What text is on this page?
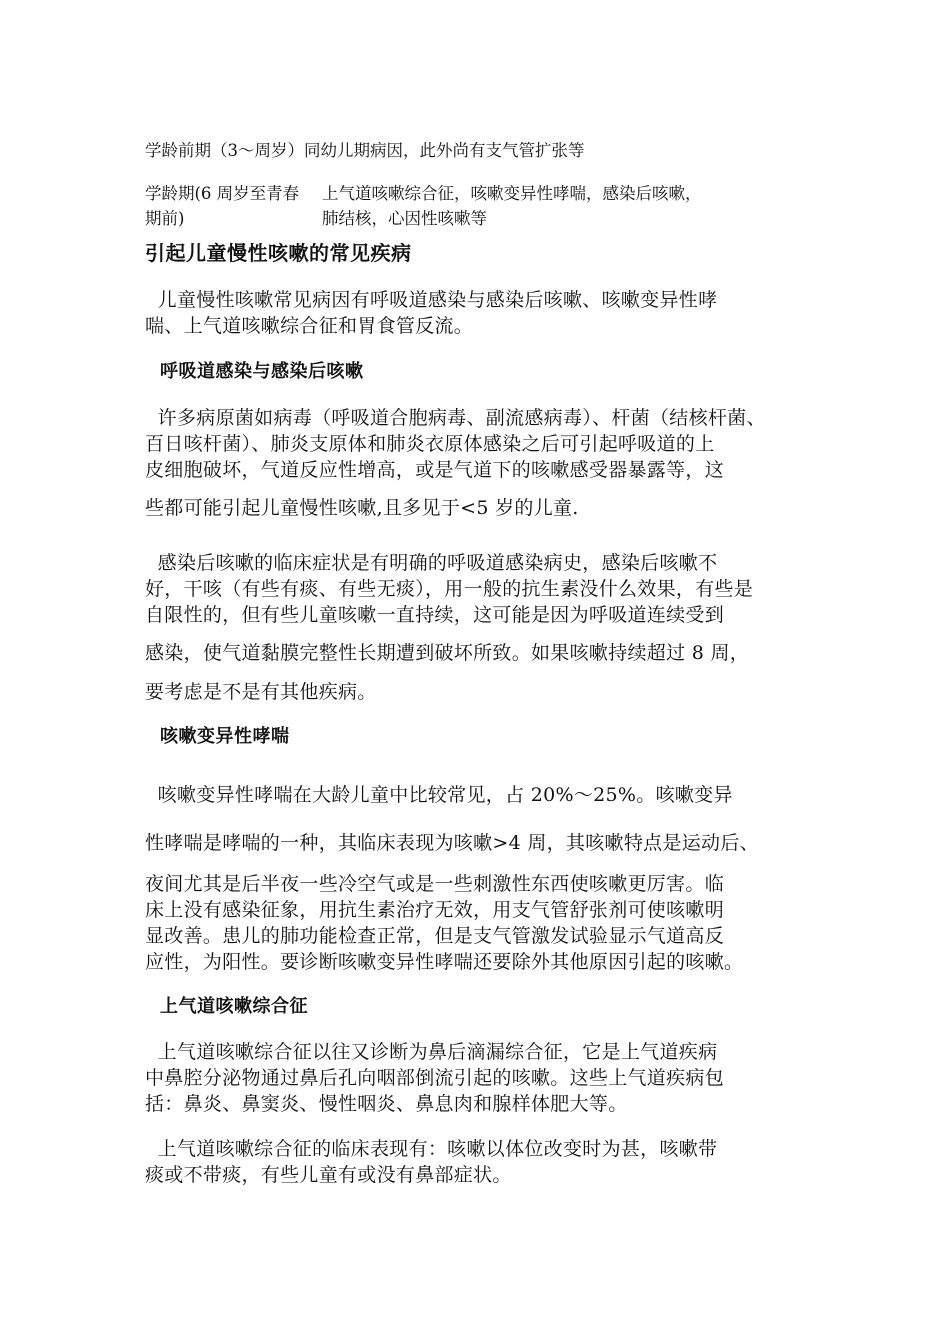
学龄前期（3～周岁）同幼儿期病因，此外尚有支气管扩张等
学龄期(6 周岁至青春 上气道咳嗽综合征，咳嗽变异性哮喘，感染后咳嗽，
期前)	肺结核，心因性咳嗽等
引起儿童慢性咳嗽的常见疾病
儿童慢性咳嗽常见病因有呼吸道感染与感染后咳嗽、咳嗽变异性哮
喘、上气道咳嗽综合征和胃食管反流。
呼吸道感染与感染后咳嗽
许多病原菌如病毒（呼吸道合胞病毒、副流感病毒）、杆菌（结核杆菌、
百日咳杆菌）、肺炎支原体和肺炎衣原体感染之后可引起呼吸道的上
皮细胞破坏，气道反应性增高，或是气道下的咳嗽感受器暴露等，这
些都可能引起儿童慢性咳嗽,且多见于<5 岁的儿童.
感染后咳嗽的临床症状是有明确的呼吸道感染病史，感染后咳嗽不
好，干咳（有些有痰、有些无痰），用一般的抗生素没什么效果，有些是
自限性的，但有些儿童咳嗽一直持续，这可能是因为呼吸道连续受到
感染，使气道黏膜完整性长期遭到破坏所致。如果咳嗽持续超过 8 周，
要考虑是不是有其他疾病。
咳嗽变异性哮喘
咳嗽变异性哮喘在大龄儿童中比较常见，占 20%～25%。咳嗽变异
性哮喘是哮喘的一种，其临床表现为咳嗽>4 周，其咳嗽特点是运动后、
夜间尤其是后半夜一些冷空气或是一些刺激性东西使咳嗽更厉害。临
床上没有感染征象，用抗生素治疗无效，用支气管舒张剂可使咳嗽明
显改善。患儿的肺功能检查正常，但是支气管激发试验显示气道高反
应性，为阳性。要诊断咳嗽变异性哮喘还要除外其他原因引起的咳嗽。
上气道咳嗽综合征
上气道咳嗽综合征以往又诊断为鼻后滴漏综合征，它是上气道疾病
中鼻腔分泌物通过鼻后孔向咽部倒流引起的咳嗽。这些上气道疾病包
括：鼻炎、鼻窦炎、慢性咽炎、鼻息肉和腺样体肥大等。
上气道咳嗽综合征的临床表现有：咳嗽以体位改变时为甚，咳嗽带
痰或不带痰，有些儿童有或没有鼻部症状。
